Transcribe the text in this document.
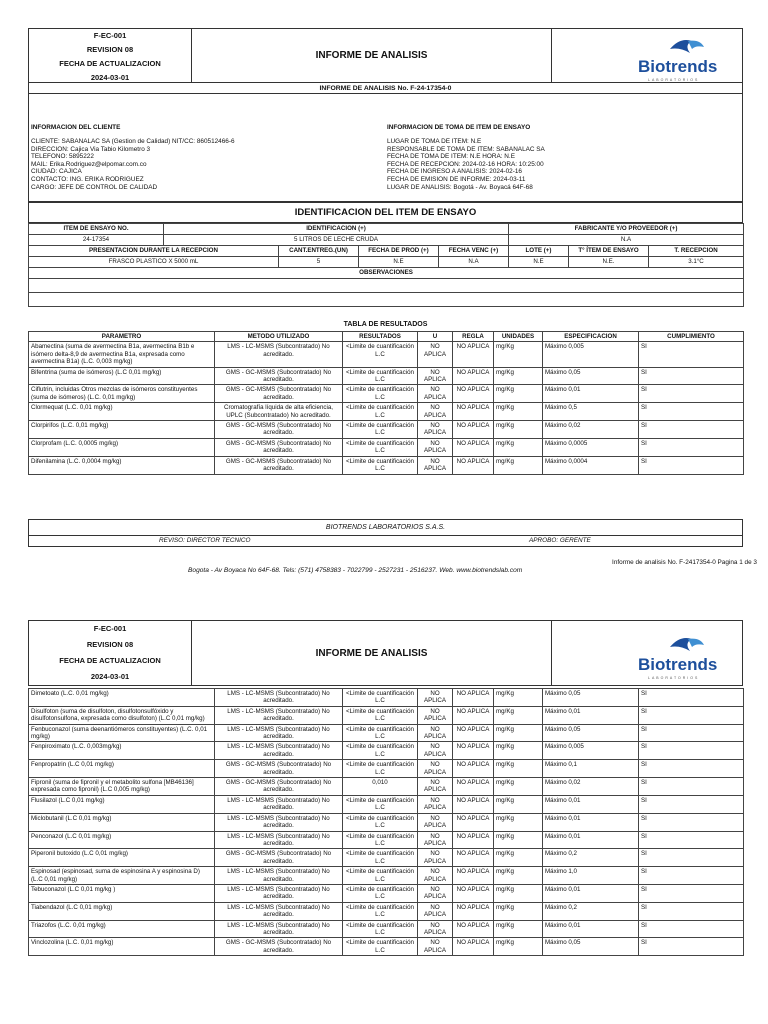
F-EC-001
REVISION 08
FECHA DE ACTUALIZACION
2024-03-01
INFORME DE ANALISIS
Biotrends
LABORATORIOS
INFORME DE ANALISIS No. F-24-17354-0
INFORMACION DEL CLIENTE
CLIENTE: SABANALAC SA (Gestion de Calidad) NIT/CC: 860512466-6
DIRECCION: Cajica Via Tabio Kilometro 3
TELEFONO: 5895222
MAIL: Erika.Rodriguez@elpomar.com.co
CIUDAD: CAJICA
CONTACTO: ING. ERIKA RODRIGUEZ
CARGO: JEFE DE CONTROL DE CALIDAD
INFORMACION DE TOMA DE ITEM DE ENSAYO
LUGAR DE TOMA DE ITEM: N.E
RESPONSABLE DE TOMA DE ITEM: SABANALAC SA
FECHA DE TOMA DE ITEM: N.E HORA: N.E
FECHA DE RECEPCION: 2024-02-16 HORA: 10:25:00
FECHA DE INGRESO A ANALISIS: 2024-02-16
FECHA DE EMISION DE INFORME: 2024-03-11
LUGAR DE ANALISIS: Bogotá - Av. Boyacá 64F-68
IDENTIFICACION DEL ITEM DE ENSAYO
ITEM DE ENSAYO NO.	IDENTIFICACION (+)				FABRICANTE Y/O PROVEEDOR (+)		
24-17354	5 LITROS DE LECHE CRUDA				N.A		
PRESENTACION DURANTE LA RECEPCION		CANT.ENTREG.(UN)	FECHA DE PROD (+)	FECHA VENC (+)	LOTE (+)	T° ÍTEM DE ENSAYO	T. RECEPCION
FRASCO PLASTICO X 5000 mL		5	N.E	N.A	N.E	N.E.	3.1°C
OBSERVACIONES							

TABLA DE RESULTADOS
PARAMETRO	METODO UTILIZADO	RESULTADOS	U	REGLA	UNIDADES	ESPECIFICACION	CUMPLIMIENTO
Abamectina (suma de avermectina B1a, avermectina B1b e isómero delta-8,9 de avermectina B1a, expresada como avermectina B1a) (L.C. 0,003 mg/kg)	LMS - LC-MSMS (Subcontratado) No acreditado.	<Limite de cuantificación L.C	NO APLICA	NO APLICA	mg/Kg	Máximo 0,005	SI
Bifentrina (suma de isómeros) (L.C 0,01 mg/kg)	GMS - GC-MSMS (Subcontratado) No acreditado.	<Limite de cuantificación L.C	NO APLICA	NO APLICA	mg/Kg	Máximo 0,05	SI
Ciflutrin, incluidas Otros mezclas de isómeros constituyentes (suma de isómeros) (L.C. 0,01 mg/kg)	GMS - GC-MSMS (Subcontratado) No acreditado.	<Limite de cuantificación L.C	NO APLICA	NO APLICA	mg/Kg	Máximo 0,01	SI
Clormequat (L.C. 0,01 mg/kg)	Cromatografía líquida de alta eficiencia, UPLC (Subcontratado) No acreditado.	<Limite de cuantificación L.C	NO APLICA	NO APLICA	mg/Kg	Máximo 0,5	SI
Clorpirifos (L.C. 0,01 mg/kg)	GMS - GC-MSMS (Subcontratado) No acreditado.	<Limite de cuantificación L.C	NO APLICA	NO APLICA	mg/Kg	Máximo 0,02	SI
Clorprofam (L.C. 0,0005 mg/kg)	GMS - GC-MSMS (Subcontratado) No acreditado.	<Limite de cuantificación L.C	NO APLICA	NO APLICA	mg/Kg	Máximo 0,0005	SI
Difenilamina (L.C. 0,0004 mg/kg)	GMS - GC-MSMS (Subcontratado) No acreditado.	<Limite de cuantificación L.C	NO APLICA	NO APLICA	mg/Kg	Máximo 0,0004	SI
BIOTRENDS LABORATORIOS S.A.S.
REVISO: DIRECTOR TECNICO	APROBO: GERENTE
Informe de analisis No. F-2417354-0 Pagina 1 de 3
Bogota - Av Boyaca No 64F-68. Tels: (571) 4758383 - 7022799 - 2527231 - 2516237. Web. www.biotrendslab.com
F-EC-001
REVISION 08
FECHA DE ACTUALIZACION
2024-03-01
INFORME DE ANALISIS
Biotrends
LABORATORIOS
Dimetoato (L.C. 0,01 mg/kg)	LMS - LC-MSMS (Subcontratado) No acreditado.	<Limite de cuantificación L.C	NO APLICA	NO APLICA	mg/Kg	Máximo 0,05	SI
Disulfoton (suma de disulfoton, disulfotonsulfóxido y disulfotonsulfona, expresada como disulfoton) (L.C 0,01 mg/kg)	LMS - LC-MSMS (Subcontratado) No acreditado.	<Limite de cuantificación L.C	NO APLICA	NO APLICA	mg/Kg	Máximo 0,01	SI
Fenbuconazol (suma deenantiómeros constituyentes) (L.C. 0,01 mg/kg)	LMS - LC-MSMS (Subcontratado) No acreditado.	<Limite de cuantificación L.C	NO APLICA	NO APLICA	mg/Kg	Máximo 0,05	SI
Fenpiroximato (L.C. 0,003mg/kg)	LMS - LC-MSMS (Subcontratado) No acreditado.	<Limite de cuantificación L.C	NO APLICA	NO APLICA	mg/Kg	Máximo 0,005	SI
Fenpropatrin (L.C 0,01 mg/kg)	GMS - GC-MSMS (Subcontratado) No acreditado.	<Limite de cuantificación L.C	NO APLICA	NO APLICA	mg/Kg	Máximo 0,1	SI
Fipronil (suma de fipronil y el metabolito sulfona [MB46136] expresada como fipronil) (L.C 0,005 mg/kg)	GMS - GC-MSMS (Subcontratado) No acreditado.	0,010	NO APLICA	NO APLICA	mg/Kg	Máximo 0,02	SI
Flusilazol (L.C 0,01 mg/kg)	LMS - LC-MSMS (Subcontratado) No acreditado.	<Limite de cuantificación L.C	NO APLICA	NO APLICA	mg/Kg	Máximo 0,01	SI
Miclobutanil (L.C 0,01 mg/kg)	LMS - LC-MSMS (Subcontratado) No acreditado.	<Limite de cuantificación L.C	NO APLICA	NO APLICA	mg/Kg	Máximo 0,01	SI
Penconazol (L.C 0,01 mg/kg)	LMS - LC-MSMS (Subcontratado) No acreditado.	<Limite de cuantificación L.C	NO APLICA	NO APLICA	mg/Kg	Máximo 0,01	SI
Piperonil butoxido (L.C 0,01 mg/kg)	GMS - GC-MSMS (Subcontratado) No acreditado.	<Limite de cuantificación L.C	NO APLICA	NO APLICA	mg/Kg	Máximo 0,2	SI
Espinosad (espinosad, suma de espinosina A y espinosina D) (L.C 0,01 mg/kg)	LMS - LC-MSMS (Subcontratado) No acreditado.	<Limite de cuantificación L.C	NO APLICA	NO APLICA	mg/Kg	Máximo 1,0	SI
Tebuconazol (L.C 0,01 mg/kg )	LMS - LC-MSMS (Subcontratado) No acreditado.	<Limite de cuantificación L.C	NO APLICA	NO APLICA	mg/Kg	Máximo 0,01	SI
Tiabendazol (L.C 0,01 mg/kg)	LMS - LC-MSMS (Subcontratado) No acreditado.	<Limite de cuantificación L.C	NO APLICA	NO APLICA	mg/Kg	Máximo 0,2	SI
Triazofos (L.C. 0,01 mg/kg)	LMS - LC-MSMS (Subcontratado) No acreditado.	<Limite de cuantificación L.C	NO APLICA	NO APLICA	mg/Kg	Máximo 0,01	SI
Vinclozolina (L.C. 0,01 mg/kg)	GMS - GC-MSMS (Subcontratado) No acreditado.	<Limite de cuantificación L.C	NO APLICA	NO APLICA	mg/Kg	Máximo 0,05	SI
